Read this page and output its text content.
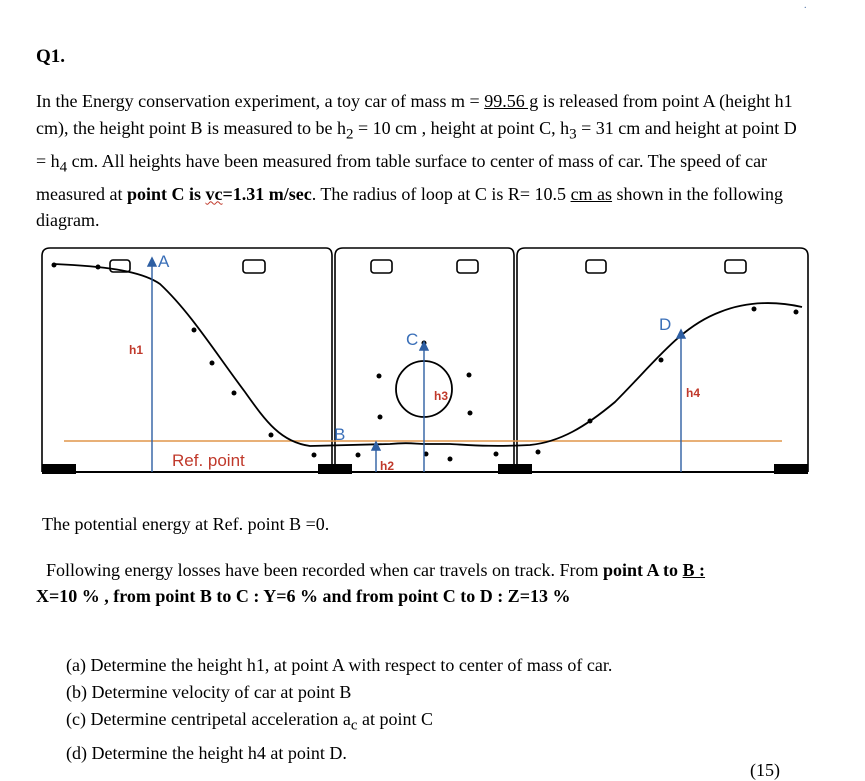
.
Q1.
In the Energy conservation experiment, a toy car of mass m = 99.56 g is released from point A (height h1 cm), the height point B is measured to be $h_2 = 10$ cm , height at point C, $h_3 = 31$ cm and height at point $D = h_4$ cm. All heights have been measured from table surface to center of mass of car. The speed of car measured at point C is vc=1.31 m/sec. The radius of loop at C is R= 10.5 cm as shown in the following diagram.
A
B
C
D
h1
h2
h3	h4
Ref. point
The potential energy at Ref. point B =0.
Following energy losses have been recorded when car travels on track. From point A to B :
X=10 % , from point B to C : Y=6 % and from point C to D : Z=13 %
(a) Determine the height h1, at point A with respect to center of mass of car.
(b) Determine velocity of car at point B
(c) Determine centripetal acceleration $a_c$ at point C
(d) Determine the height h4 at point D.
(15)
